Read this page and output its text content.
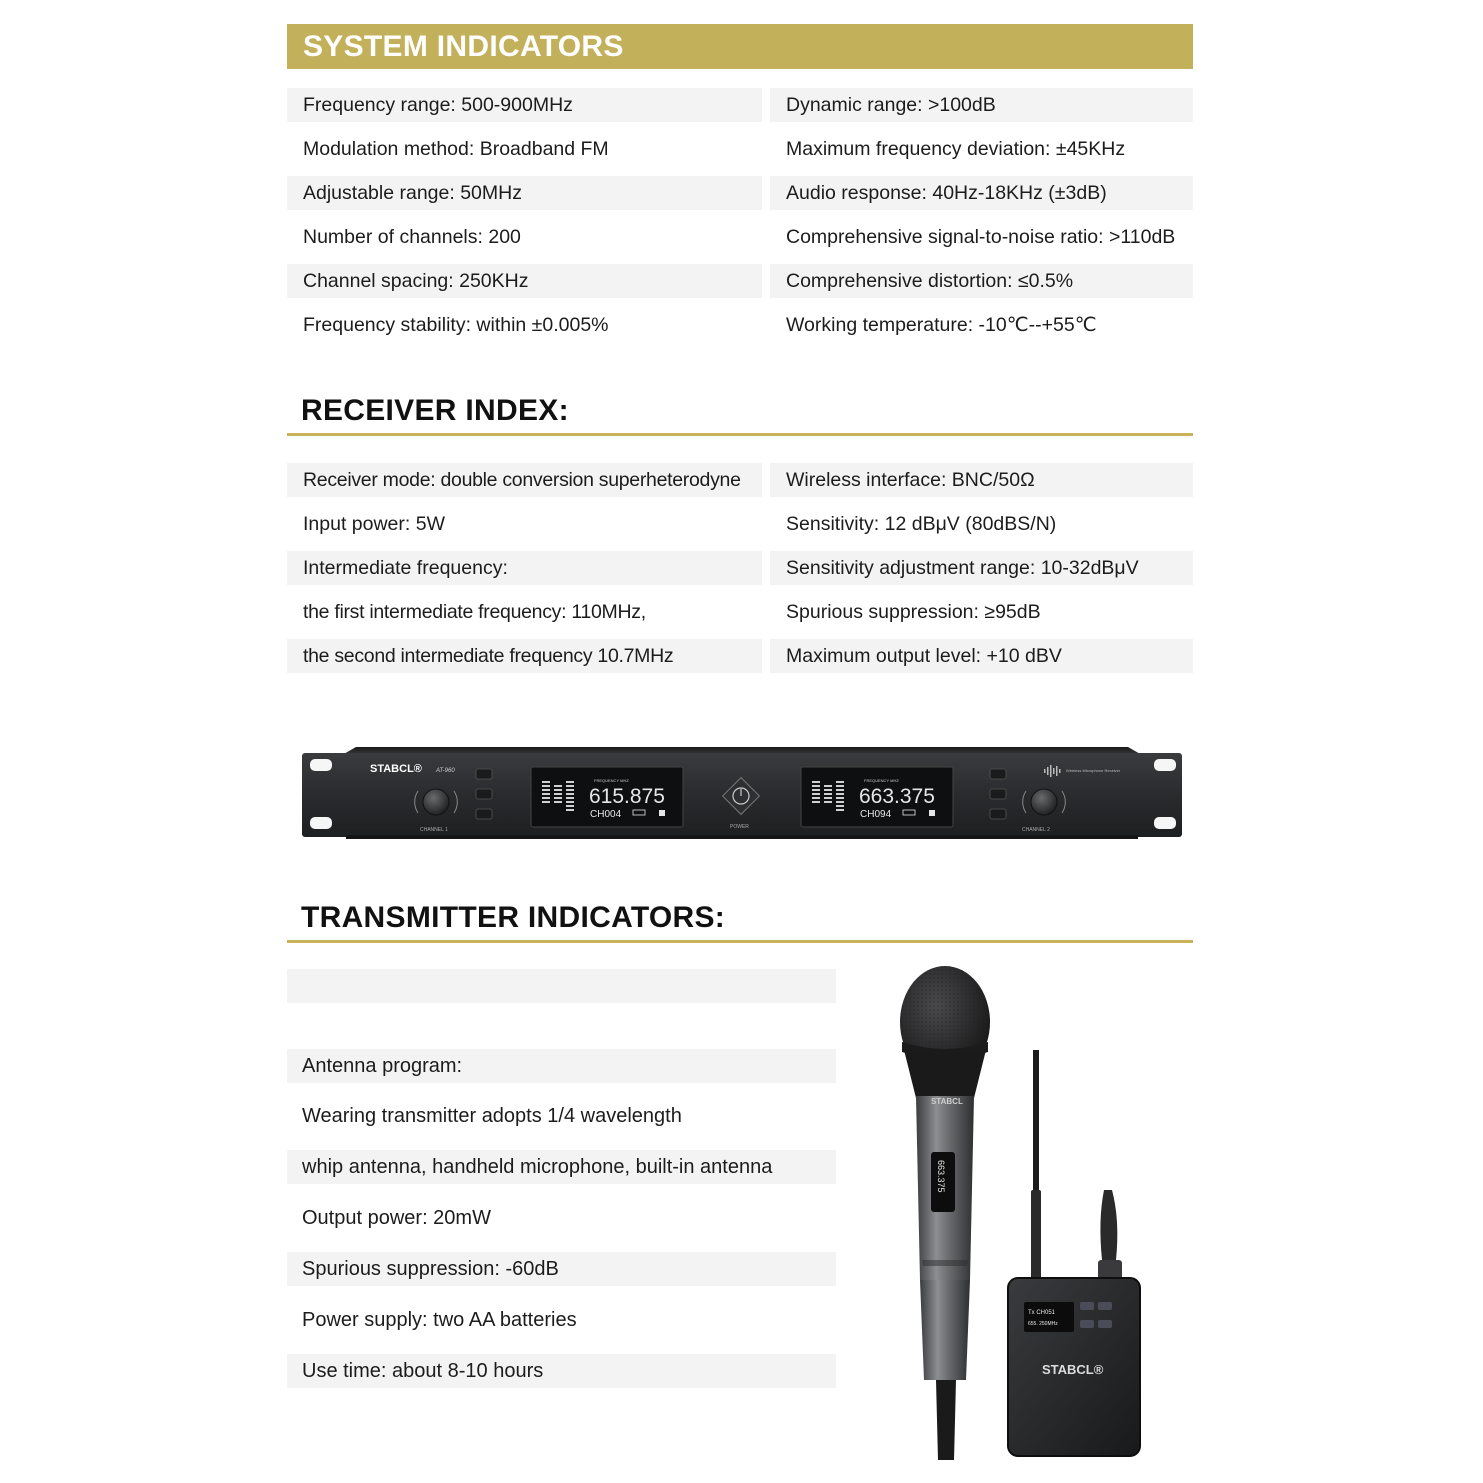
SYSTEM INDICATORS
Frequency range: 500-900MHz
Modulation method: Broadband FM
Adjustable range: 50MHz
Number of channels: 200
Channel spacing: 250KHz
Frequency stability: within ±0.005%
Dynamic range: >100dB
Maximum frequency deviation: ±45KHz
Audio response: 40Hz-18KHz (±3dB)
Comprehensive signal-to-noise ratio: >110dB
Comprehensive distortion: ≤0.5%
Working temperature: -10℃--+55℃
RECEIVER INDEX:
Receiver mode: double conversion superheterodyne
Input power: 5W
Intermediate frequency:
the first intermediate frequency: 110MHz,
the second intermediate frequency 10.7MHz
Wireless interface: BNC/50Ω
Sensitivity: 12 dBμV (80dBS/N)
Sensitivity adjustment range: 10-32dBμV
Spurious suppression: ≥95dB
Maximum output level: +10 dBV
STABCL® AT-960
CHANNEL 1
FREQUENCY MHZ
615.875
CH004
POWER
FREQUENCY MHZ
663.375
CH094
CHANNEL 2
Wireless Microphone Receiver
TRANSMITTER INDICATORS:
Antenna program:
Wearing transmitter adopts 1/4 wavelength
whip antenna, handheld microphone, built-in antenna
Output power: 20mW
Spurious suppression: -60dB
Power supply: two AA batteries
Use time: about 8-10 hours
STABCL
663.375
Tx CH051
655. 250MHz
STABCL®
